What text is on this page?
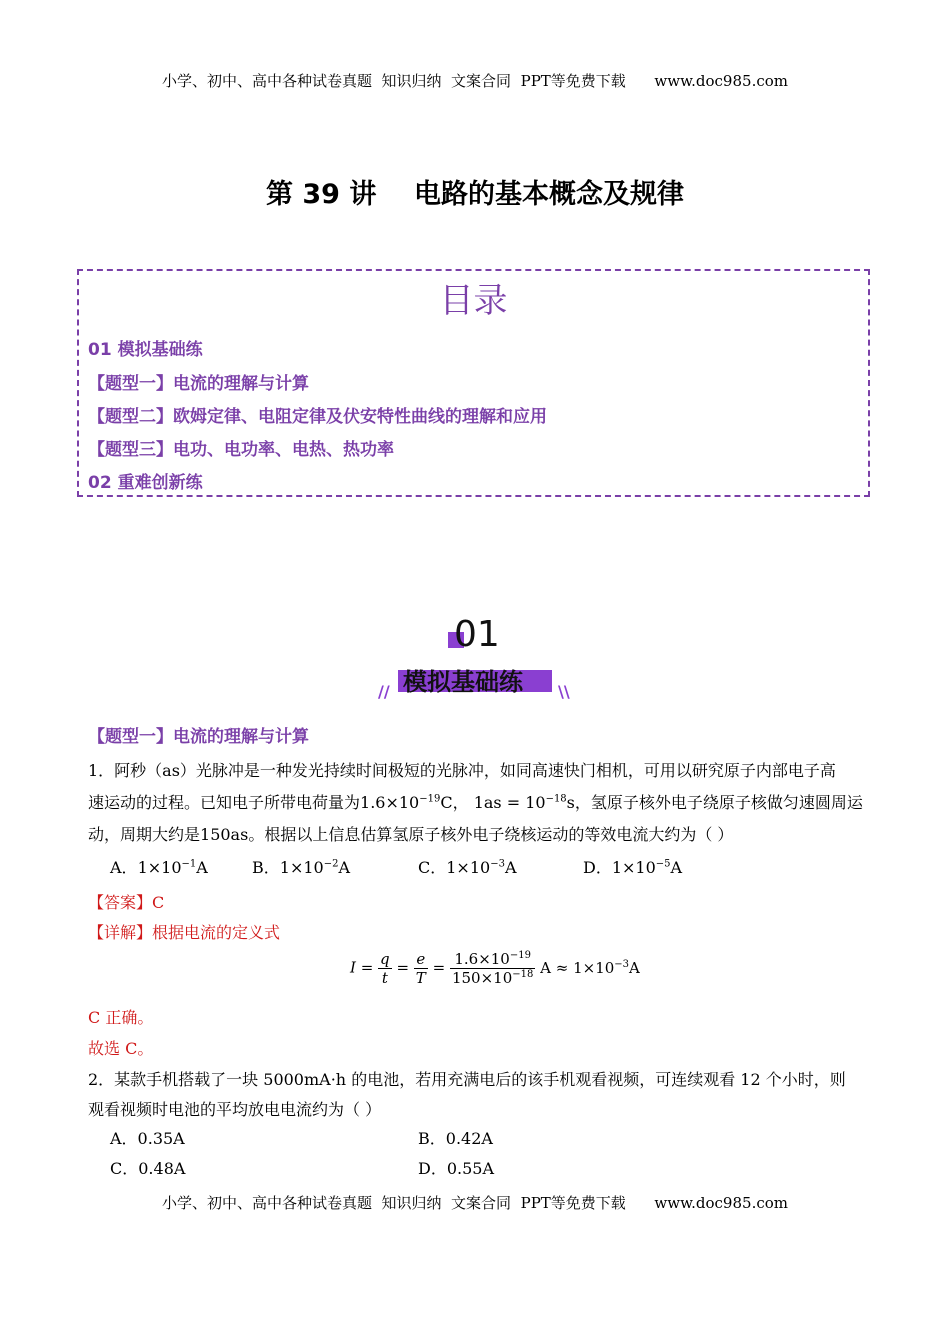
小学、初中、高中各种试卷真题  知识归纳  文案合同  PPT等免费下载      www.doc985.com
第 39 讲    电路的基本概念及规律
目录
01 模拟基础练
【题型一】电流的理解与计算
【题型二】欧姆定律、电阻定律及伏安特性曲线的理解和应用
【题型三】电功、电功率、电热、热功率
02 重难创新练
01
// 模拟基础练 \\
【题型一】电流的理解与计算
1．阿秒（as）光脉冲是一种发光持续时间极短的光脉冲，如同高速快门相机，可用以研究原子内部电子高
速运动的过程。已知电子所带电荷量为$1.6\times 10^{-19}C$， $1as = 10^{-18}s$，氢原子核外电子绕原子核做匀速圆周运
动，周期大约是150as。根据以上信息估算氢原子核外电子绕核运动的等效电流大约为（ ）
A．$1\times 10^{-1}A$	B．$1\times 10^{-2}A$	C．$1\times 10^{-3}A$	D．$1\times 10^{-5}A$
【答案】C
【详解】根据电流的定义式
$I = \frac{q}{t} = \frac{e}{T} = \frac{1.6\times 10^{-19}}{150\times 10^{-18}}$ $A \approx 1\times 10^{-3}A$
C 正确。
故选 C。
2．某款手机搭载了一块 5000mA·h 的电池，若用充满电后的该手机观看视频，可连续观看 12 个小时，则
观看视频时电池的平均放电电流约为（ ）
A．0.35A	B．0.42A
C．0.48A	D．0.55A
小学、初中、高中各种试卷真题  知识归纳  文案合同  PPT等免费下载      www.doc985.com
